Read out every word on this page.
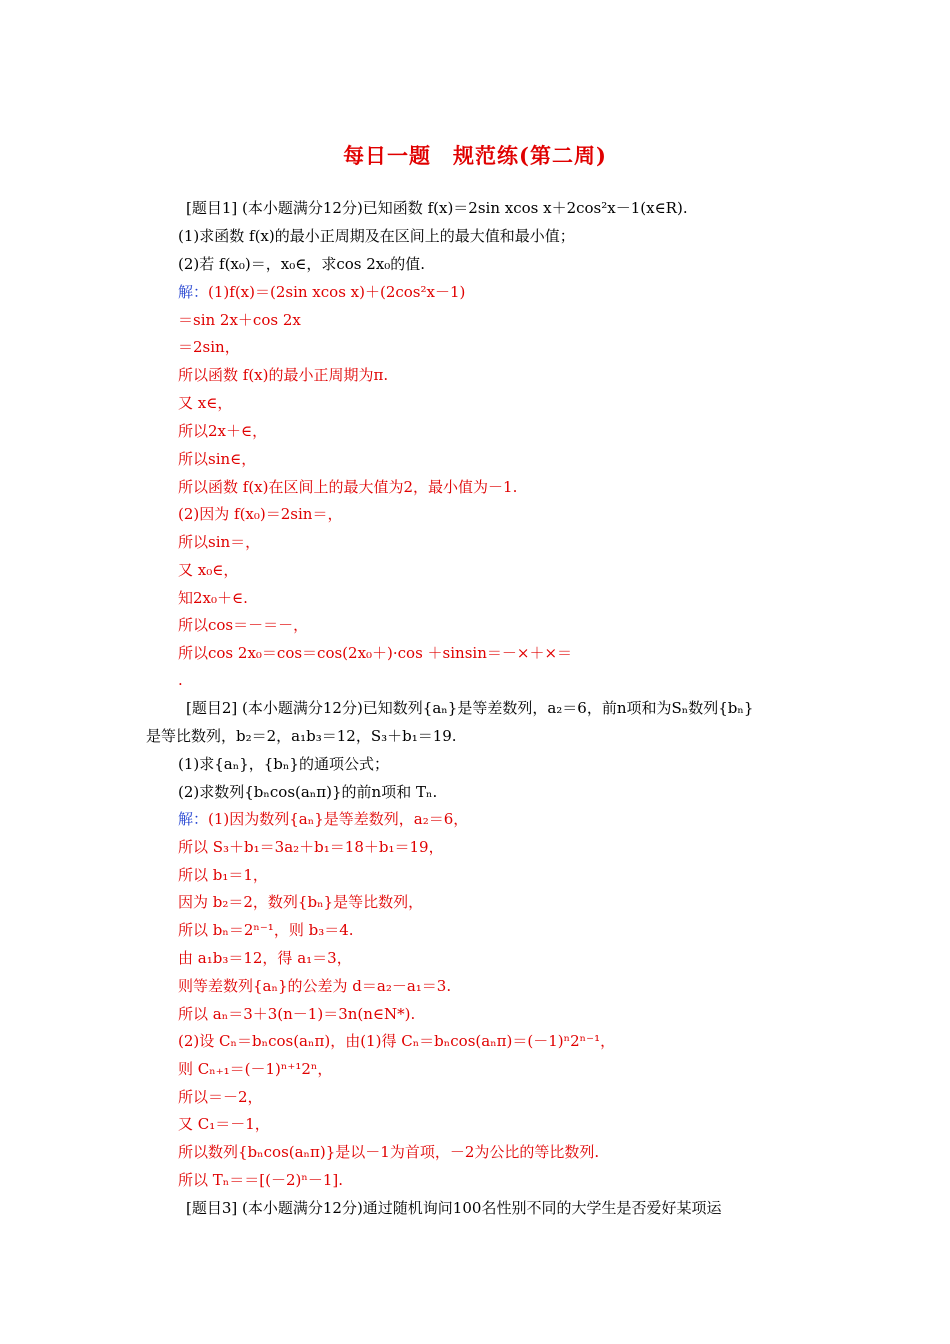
每日一题　规范练(第二周)
[题目1] (本小题满分12分)已知函数 f(x)＝2sin xcos x＋2cos²x－1(x∈R).
(1)求函数 f(x)的最小正周期及在区间上的最大值和最小值；
(2)若 f(x₀)＝，x₀∈，求cos 2x₀的值.
解：(1)f(x)＝(2sin xcos x)＋(2cos²x－1)
＝sin 2x＋cos 2x
＝2sin，
所以函数 f(x)的最小正周期为π.
又 x∈，
所以2x＋∈，
所以sin∈，
所以函数 f(x)在区间上的最大值为2，最小值为－1.
(2)因为 f(x₀)＝2sin＝，
所以sin＝，
又 x₀∈，
知2x₀＋∈.
所以cos＝－＝－，
所以cos 2x₀＝cos＝cos(2x₀＋)·cos ＋sinsin＝－×＋×＝
.
[题目2] (本小题满分12分)已知数列{aₙ}是等差数列，a₂＝6，前n项和为Sₙ数列{bₙ}
是等比数列，b₂＝2，a₁b₃＝12，S₃＋b₁＝19.
(1)求{aₙ}，{bₙ}的通项公式；
(2)求数列{bₙcos(aₙπ)}的前n项和 Tₙ.
解：(1)因为数列{aₙ}是等差数列，a₂＝6，
所以 S₃＋b₁＝3a₂＋b₁＝18＋b₁＝19，
所以 b₁＝1，
因为 b₂＝2，数列{bₙ}是等比数列，
所以 bₙ＝2ⁿ⁻¹，则 b₃＝4.
由 a₁b₃＝12，得 a₁＝3，
则等差数列{aₙ}的公差为 d＝a₂－a₁＝3.
所以 aₙ＝3＋3(n－1)＝3n(n∈N*).
(2)设 Cₙ＝bₙcos(aₙπ)，由(1)得 Cₙ＝bₙcos(aₙπ)＝(－1)ⁿ2ⁿ⁻¹，
则 Cₙ₊₁＝(－1)ⁿ⁺¹2ⁿ，
所以＝－2，
又 C₁＝－1，
所以数列{bₙcos(aₙπ)}是以－1为首项，－2为公比的等比数列.
所以 Tₙ＝＝[(－2)ⁿ－1].
[题目3] (本小题满分12分)通过随机询问100名性别不同的大学生是否爱好某项运
